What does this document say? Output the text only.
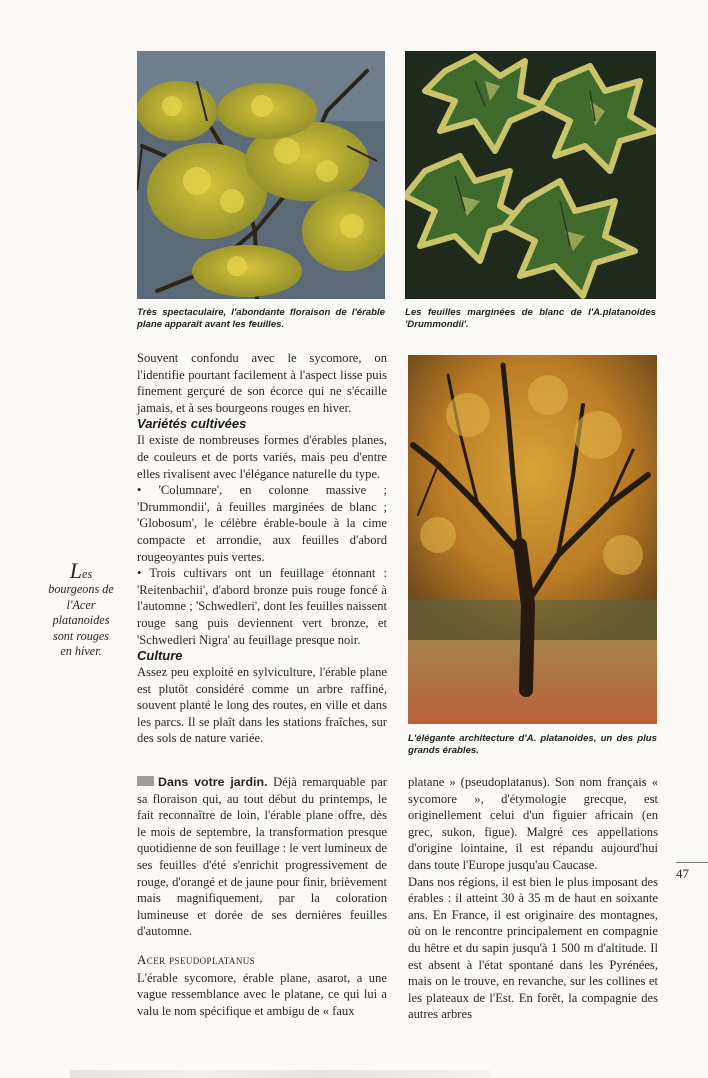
Très spectaculaire, l'abondante floraison de l'érable plane apparaît avant les feuilles.
Les feuilles marginées de blanc de l'A.platanoides 'Drummondii'.
L'élégante architecture d'A. platanoides, un des plus grands érables.
Les bourgeons de l'Acer platanoides sont rouges en hiver.

Souvent confondu avec le sycomore, on l'identifie pourtant facilement à l'aspect lisse puis finement gerçuré de son écorce qui ne s'écaille jamais, et à ses bourgeons rouges en hiver.

Variétés cultivées

Il existe de nombreuses formes d'érables planes, de couleurs et de ports variés, mais peu d'entre elles rivalisent avec l'élégance naturelle du type.

• 'Columnare', en colonne massive ; 'Drummondii', à feuilles marginées de blanc ; 'Globosum', le célèbre érable-boule à la cime compacte et arrondie, aux feuilles d'abord rougeoyantes puis vertes.

• Trois cultivars ont un feuillage étonnant : 'Reitenbachii', d'abord bronze puis rouge foncé à l'automne ; 'Schwedleri', dont les feuilles naissent rouge sang puis deviennent vert bronze, et 'Schwedleri Nigra' au feuillage presque noir.

Culture

Assez peu exploité en sylviculture, l'érable plane est plutôt considéré comme un arbre raffiné, souvent planté le long des routes, en ville et dans les parcs. Il se plaît dans les stations fraîches, sur des sols de nature variée.

Dans votre jardin. Déjà remarquable par sa floraison qui, au tout début du printemps, le fait reconnaître de loin, l'érable plane offre, dès le mois de septembre, la transformation presque quotidienne de son feuillage : le vert lumineux de ses feuilles d'été s'enrichit progressivement de rouge, d'orangé et de jaune pour finir, brièvement mais magnifiquement, par la coloration lumineuse et dorée de ses dernières feuilles d'automne.

Acer pseudoplatanus

L'érable sycomore, érable plane, asarot, a une vague ressemblance avec le platane, ce qui lui a valu le nom spécifique et ambigu de « faux

platane » (pseudoplatanus). Son nom français « sycomore », d'étymologie grecque, est originellement celui d'un figuier africain (en grec, sukon, figue). Malgré ces appellations d'origine lointaine, il est répandu aujourd'hui dans toute l'Europe jusqu'au Caucase.

Dans nos régions, il est bien le plus imposant des érables : il atteint 30 à 35 m de haut en soixante ans. En France, il est originaire des montagnes, où on le rencontre principalement en compagnie du hêtre et du sapin jusqu'à 1 500 m d'altitude. Il est absent à l'état spontané dans les Pyrénées, mais on le trouve, en revanche, sur les collines et les plateaux de l'Est. En forêt, la compagnie des autres arbres

47
